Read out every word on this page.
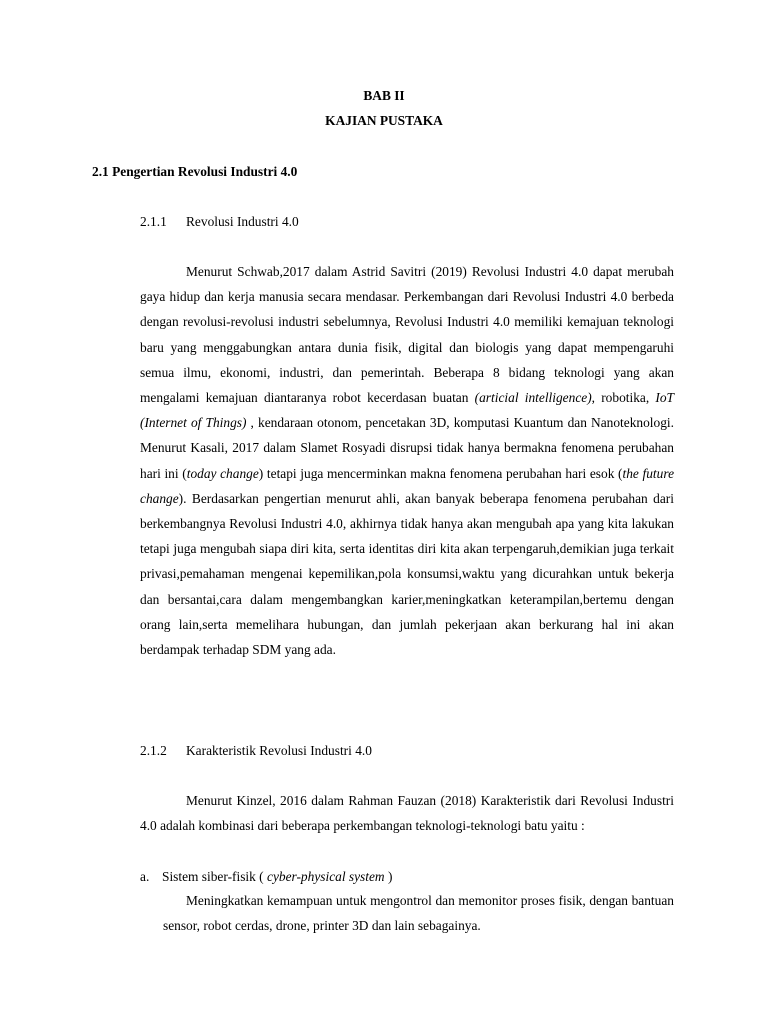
BAB II
KAJIAN PUSTAKA
2.1 Pengertian Revolusi Industri 4.0
2.1.1 Revolusi Industri 4.0

Menurut Schwab,2017 dalam Astrid Savitri (2019) Revolusi Industri 4.0 dapat merubah gaya hidup dan kerja manusia secara mendasar. Perkembangan dari Revolusi Industri 4.0 berbeda dengan revolusi-revolusi industri sebelumnya, Revolusi Industri 4.0 memiliki kemajuan teknologi baru yang menggabungkan antara dunia fisik, digital dan biologis yang dapat mempengaruhi semua ilmu, ekonomi, industri, dan pemerintah. Beberapa 8 bidang teknologi yang akan mengalami kemajuan diantaranya robot kecerdasan buatan (articial intelligence), robotika, IoT (Internet of Things) , kendaraan otonom, pencetakan 3D, komputasi Kuantum dan Nanoteknologi. Menurut Kasali, 2017 dalam Slamet Rosyadi disrupsi tidak hanya bermakna fenomena perubahan hari ini (today change) tetapi juga mencerminkan makna fenomena perubahan hari esok (the future change). Berdasarkan pengertian menurut ahli, akan banyak beberapa fenomena perubahan dari berkembangnya Revolusi Industri 4.0, akhirnya tidak hanya akan mengubah apa yang kita lakukan tetapi juga mengubah siapa diri kita, serta identitas diri kita akan terpengaruh,demikian juga terkait privasi,pemahaman mengenai kepemilikan,pola konsumsi,waktu yang dicurahkan untuk bekerja dan bersantai,cara dalam mengembangkan karier,meningkatkan keterampilan,bertemu dengan orang lain,serta memelihara hubungan, dan jumlah pekerjaan akan berkurang hal ini akan berdampak terhadap SDM yang ada.

2.1.2 Karakteristik Revolusi Industri 4.0

Menurut Kinzel, 2016 dalam Rahman Fauzan (2018) Karakteristik dari Revolusi Industri 4.0 adalah kombinasi dari beberapa perkembangan teknologi-teknologi batu yaitu :

a. Sistem siber-fisik ( cyber-physical system )

Meningkatkan kemampuan untuk mengontrol dan memonitor proses fisik, dengan bantuan sensor, robot cerdas, drone, printer 3D dan lain sebagainya.
